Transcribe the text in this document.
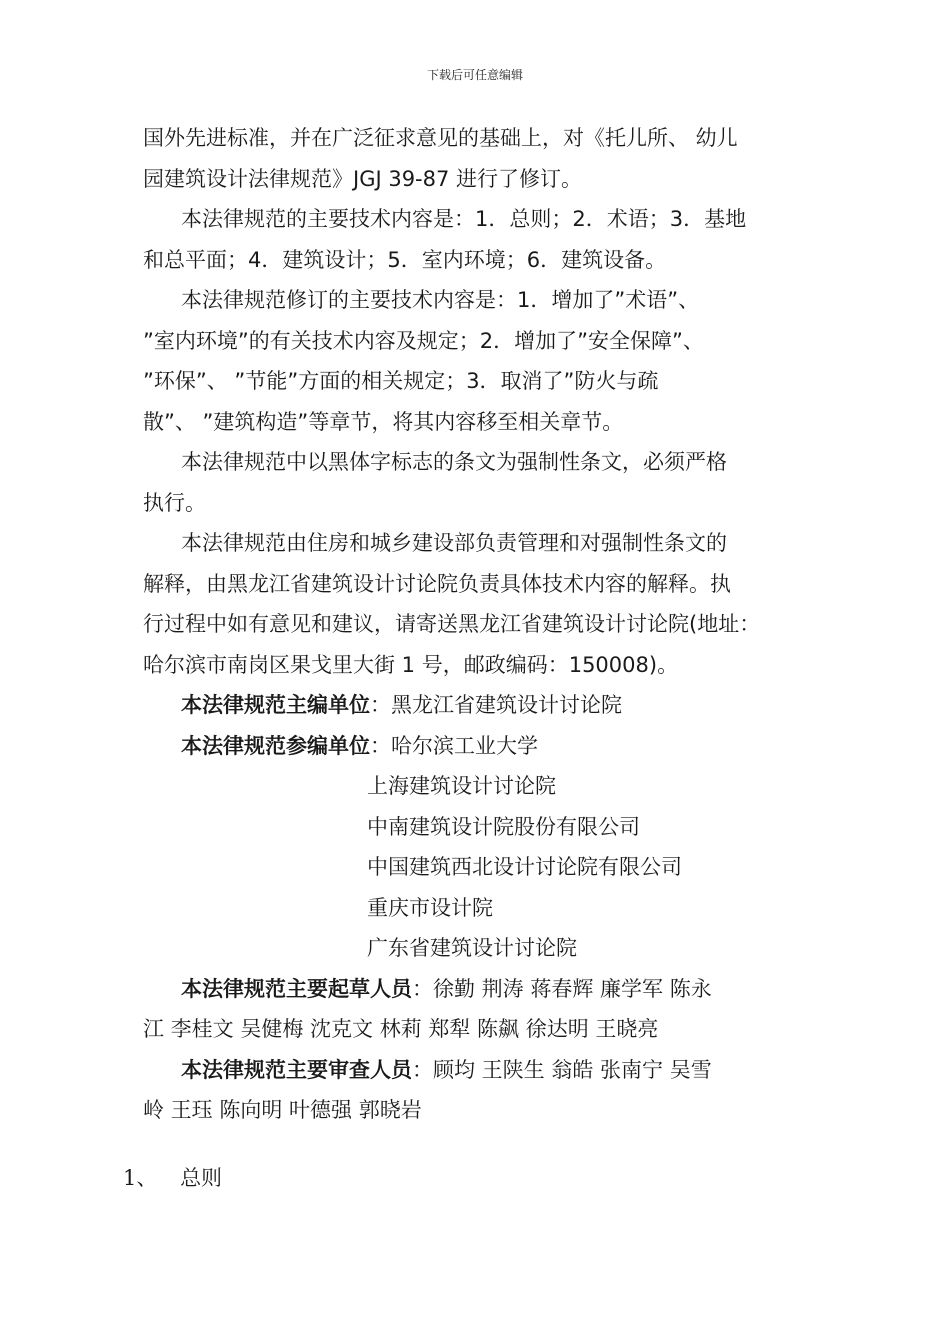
下载后可任意编辑

国外先进标准，并在广泛征求意见的基础上，对《托儿所、 幼儿

园建筑设计法律规范》JGJ 39-87 进行了修订。

本法律规范的主要技术内容是：1．总则；2．术语；3．基地

和总平面；4．建筑设计；5．室内环境；6．建筑设备。

本法律规范修订的主要技术内容是：1．增加了”术语”、

”室内环境”的有关技术内容及规定；2．增加了”安全保障”、

”环保”、 ”节能”方面的相关规定；3．取消了”防火与疏

散”、 ”建筑构造”等章节，将其内容移至相关章节。

本法律规范中以黑体字标志的条文为强制性条文，必须严格

执行。

本法律规范由住房和城乡建设部负责管理和对强制性条文的

解释，由黑龙江省建筑设计讨论院负责具体技术内容的解释。执

行过程中如有意见和建议，请寄送黑龙江省建筑设计讨论院(地址：

哈尔滨市南岗区果戈里大街 1 号，邮政编码：150008)。

本法律规范主编单位：黑龙江省建筑设计讨论院

本法律规范参编单位：哈尔滨工业大学

上海建筑设计讨论院

中南建筑设计院股份有限公司

中国建筑西北设计讨论院有限公司

重庆市设计院

广东省建筑设计讨论院

本法律规范主要起草人员：徐勤 荆涛 蒋春辉 廉学军 陈永

江 李桂文 吴健梅 沈克文 林莉 郑犁 陈飙 徐达明 王晓亮

本法律规范主要审查人员：顾均 王陕生 翁皓 张南宁 吴雪

岭 王珏 陈向明 叶德强 郭晓岩

1、 总则
